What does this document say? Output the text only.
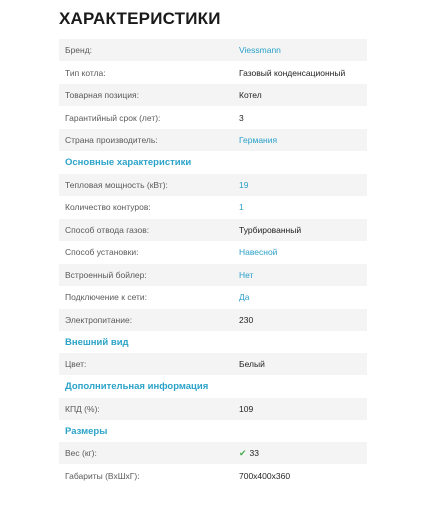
ХАРАКТЕРИСТИКИ
Бренд:	Viessmann
Тип котла:	Газовый конденсационный
Товарная позиция:	Котел
Гарантийный срок (лет):	3
Страна производитель:	Германия
Основные характеристики
Тепловая мощность (кВт):	19
Количество контуров:	1
Способ отвода газов:	Турбированный
Способ установки:	Навесной
Встроенный бойлер:	Нет
Подключение к сети:	Да
Электропитание:	230
Внешний вид
Цвет:	Белый
Дополнительная информация
КПД (%):	109
Размеры
Вес (кг):	✔ 33
Габариты (ВхШхГ):	700x400x360
